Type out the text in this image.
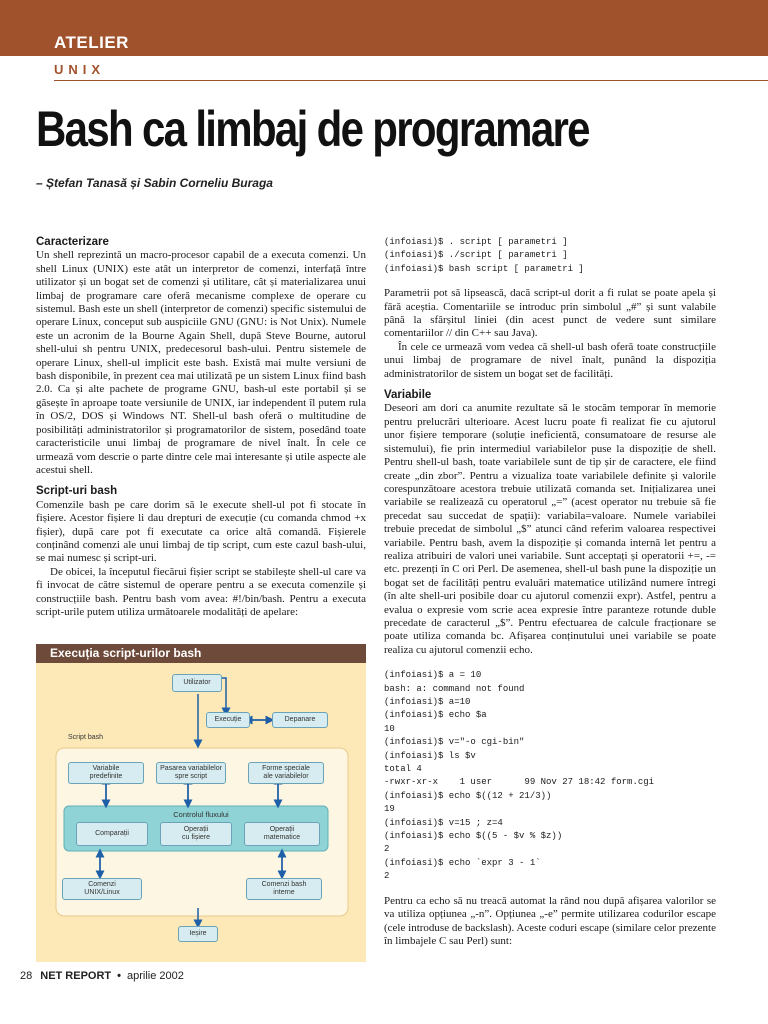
ATELIER
UNIX
Bash ca limbaj de programare
– Ștefan Tanasă și Sabin Corneliu Buraga
Caracterizare

Un shell reprezintă un macro-procesor capabil de a executa comenzi. Un shell Linux (UNIX) este atât un interpretor de comenzi, interfață între utilizator și un bogat set de comenzi și utilitare, cât și materializarea unui limbaj de programare care oferă mecanisme complexe de operare cu sistemul. Bash este un shell (interpretor de comenzi) specific sistemului de operare Linux, conceput sub auspiciile GNU (GNU: is Not Unix). Numele este un acronim de la Bourne Again Shell, după Steve Bourne, autorul shell-ului sh pentru UNIX, predecesorul bash-ului. Pentru sistemele de operare Linux, shell-ul implicit este bash. Există mai multe versiuni de bash disponibile, în prezent cea mai utilizată pe un sistem Linux fiind bash 2.0. Ca și alte pachete de programe GNU, bash-ul este portabil și se găsește în aproape toate versiunile de UNIX, iar independent îl putem rula în OS/2, DOS și Windows NT. Shell-ul bash oferă o multitudine de posibilități administratorilor și programatorilor de sistem, posedând toate caracteristicile unui limbaj de programare de nivel înalt. În cele ce urmează vom descrie o parte dintre cele mai interesante și utile aspecte ale acestui shell.

Script-uri bash

Comenzile bash pe care dorim să le execute shell-ul pot fi stocate în fișiere. Acestor fișiere li dau drepturi de execuție (cu comanda chmod +x fișier), după care pot fi executate ca orice altă comandă. Fișierele conținând comenzi ale unui limbaj de tip script, cum este cazul bash-ului, se mai numesc și script-uri.

De obicei, la începutul fiecărui fișier script se stabilește shell-ul care va fi invocat de către sistemul de operare pentru a se executa comenzile și construcțiile bash. Pentru bash vom avea: #!/bin/bash. Pentru a executa script-urile putem utiliza următoarele modalități de apelare:

Execuția script-urilor bash
Script bash
Utilizator
Execuție	Depanare
Variabile
predefinite
Pasarea variabilelor
spre script
Forme speciale
ale variabilelor
Controlul fluxului
Comparații
Operații
cu fișiere
Operații
matematice
Comenzi
UNIX/Linux
Comenzi bash
interne
Ieșire
(infoiasi)$ . script [ parametri ]
(infoiasi)$ ./script [ parametri ]
(infoiasi)$ bash script [ parametri ]

Parametrii pot să lipsească, dacă script-ul dorit a fi rulat se poate apela și fără aceștia. Comentariile se introduc prin simbolul „#” și sunt valabile până la sfârșitul liniei (din acest punct de vedere sunt similare comentariilor // din C++ sau Java).

În cele ce urmează vom vedea că shell-ul bash oferă toate construcțiile unui limbaj de programare de nivel înalt, punând la dispoziția administratorilor de sistem un bogat set de facilități.

Variabile

Deseori am dori ca anumite rezultate să le stocăm temporar în memorie pentru prelucrări ulterioare. Acest lucru poate fi realizat fie cu ajutorul unor fișiere temporare (soluție ineficientă, consumatoare de resurse ale sistemului), fie prin intermediul variabilelor puse la dispoziție de shell. Pentru shell-ul bash, toate variabilele sunt de tip șir de caractere, ele fiind create „din zbor”. Pentru a vizualiza toate variabilele definite și valorile corespunzătoare acestora trebuie utilizată comanda set. Inițializarea unei variabile se realizează cu operatorul „=” (acest operator nu trebuie să fie precedat sau succedat de spații): variabila=valoare. Numele variabilei trebuie precedat de simbolul „$” atunci când referim valoarea respectivei variabile. Pentru bash, avem la dispoziție și comanda internă let pentru a realiza atribuiri de valori unei variabile. Sunt acceptați și operatorii +=, -= etc. prezenți în C ori Perl. De asemenea, shell-ul bash pune la dispoziție un bogat set de facilități pentru evaluări matematice utilizând numere întregi (în alte shell-uri posibile doar cu ajutorul comenzii expr). Astfel, pentru a evalua o expresie vom scrie acea expresie între paranteze rotunde duble precedate de caracterul „$”. Pentru efectuarea de calcule fracționare se poate utiliza comanda bc. Afișarea conținutului unei variabile se poate realiza cu ajutorul comenzii echo.

(infoiasi)$ a = 10
bash: a: command not found
(infoiasi)$ a=10
(infoiasi)$ echo $a
10
(infoiasi)$ v="-o cgi-bin"
(infoiasi)$ ls $v
total 4
-rwxr-xr-x    1 user      99 Nov 27 18:42 form.cgi
(infoiasi)$ echo $((12 + 21/3))
19
(infoiasi)$ v=15 ; z=4
(infoiasi)$ echo $((5 - $v % $z))
2
(infoiasi)$ echo `expr 3 - 1`
2

Pentru ca echo să nu treacă automat la rând nou după afișarea valorilor se va utiliza opțiunea „-n”. Opțiunea „-e” permite utilizarea codurilor escape (cele introduse de backslash). Aceste coduri escape (similare celor prezente în limbajele C sau Perl) sunt:

28 NET REPORT • aprilie 2002
